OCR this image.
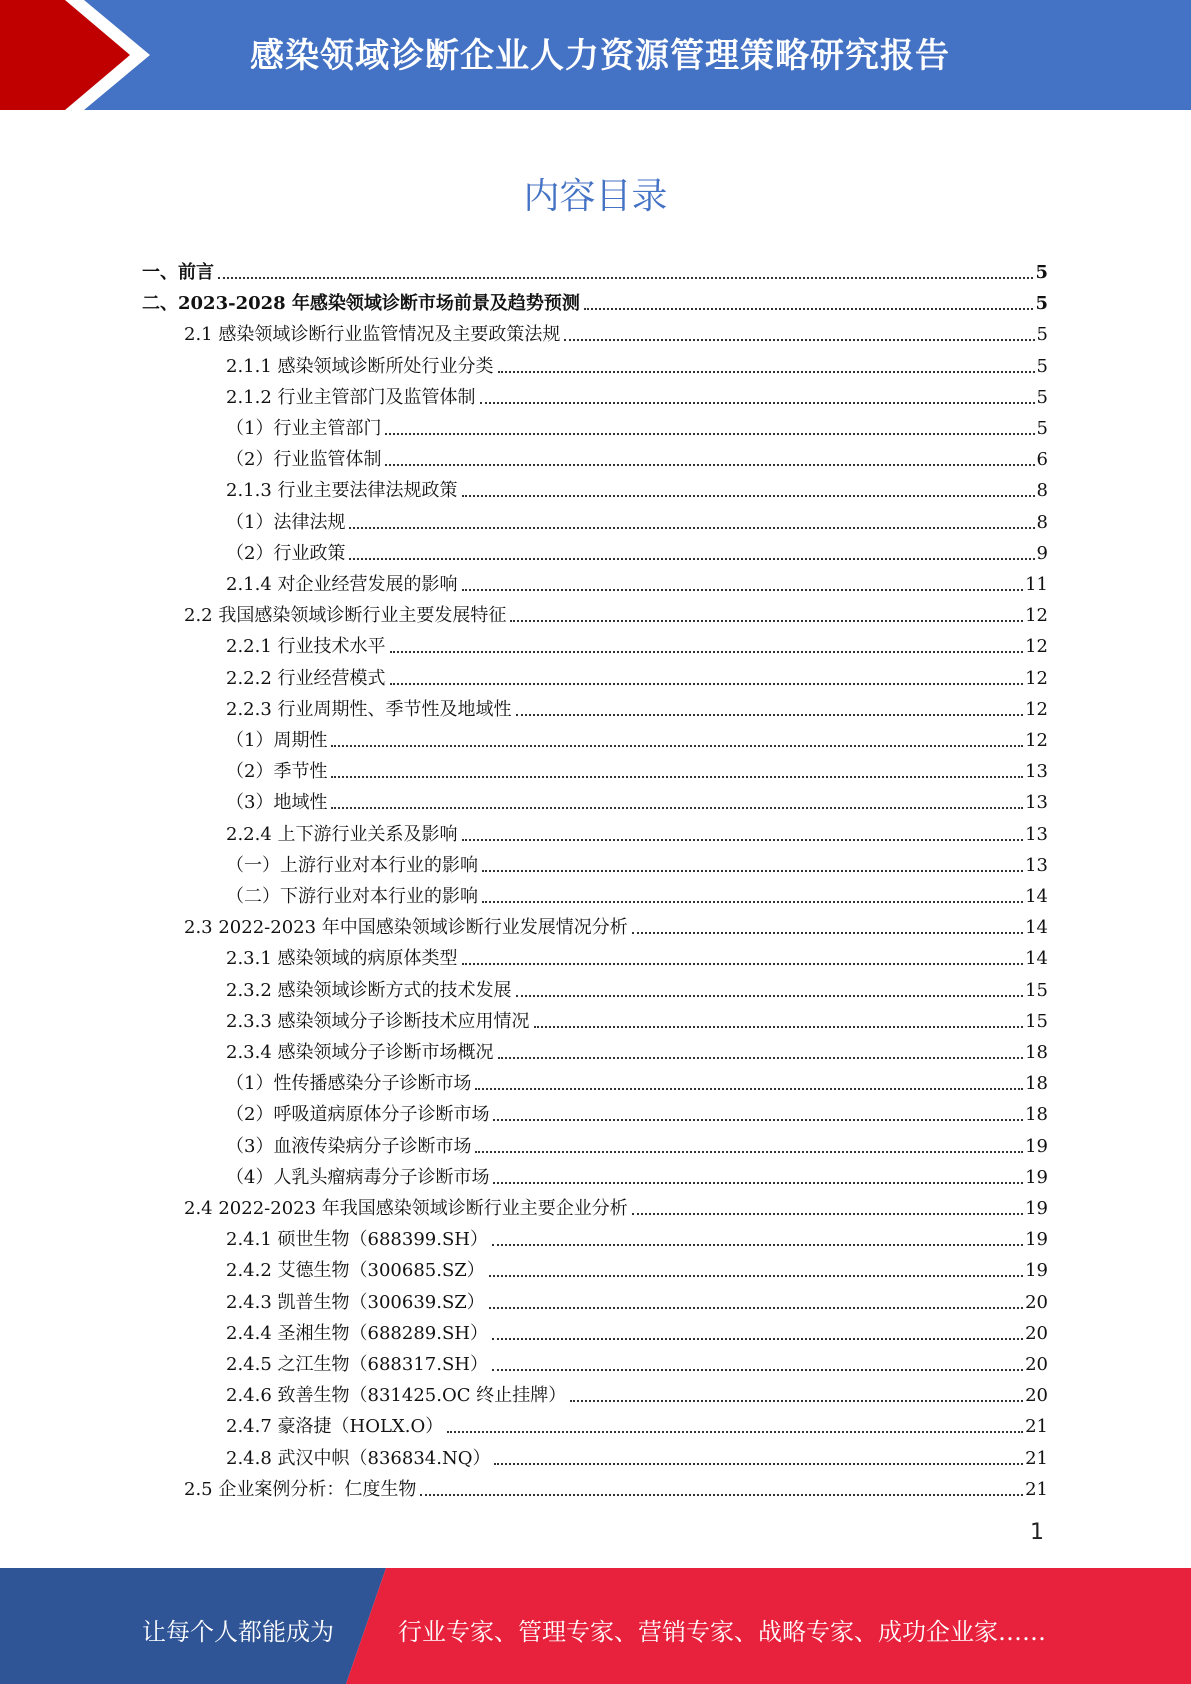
感染领域诊断企业人力资源管理策略研究报告
内容目录
一、前言	5
二、2023-2028 年感染领域诊断市场前景及趋势预测	5
2.1 感染领域诊断行业监管情况及主要政策法规	5
2.1.1 感染领域诊断所处行业分类	5
2.1.2 行业主管部门及监管体制	5
（1）行业主管部门	5
（2）行业监管体制	6
2.1.3 行业主要法律法规政策	8
（1）法律法规	8
（2）行业政策	9
2.1.4 对企业经营发展的影响	11
2.2 我国感染领域诊断行业主要发展特征	12
2.2.1 行业技术水平	12
2.2.2 行业经营模式	12
2.2.3 行业周期性、季节性及地域性	12
（1）周期性	12
（2）季节性	13
（3）地域性	13
2.2.4 上下游行业关系及影响	13
（一）上游行业对本行业的影响	13
（二）下游行业对本行业的影响	14
2.3 2022-2023 年中国感染领域诊断行业发展情况分析	14
2.3.1 感染领域的病原体类型	14
2.3.2 感染领域诊断方式的技术发展	15
2.3.3 感染领域分子诊断技术应用情况	15
2.3.4 感染领域分子诊断市场概况	18
（1）性传播感染分子诊断市场	18
（2）呼吸道病原体分子诊断市场	18
（3）血液传染病分子诊断市场	19
（4）人乳头瘤病毒分子诊断市场	19
2.4 2022-2023 年我国感染领域诊断行业主要企业分析	19
2.4.1 硕世生物（688399.SH）	19
2.4.2 艾德生物（300685.SZ）	19
2.4.3 凯普生物（300639.SZ）	20
2.4.4 圣湘生物（688289.SH）	20
2.4.5 之江生物（688317.SH）	20
2.4.6 致善生物（831425.OC 终止挂牌）	20
2.4.7 豪洛捷（HOLX.O）	21
2.4.8 武汉中帜（836834.NQ）	21
2.5 企业案例分析：仁度生物	21
1
让每个人都能成为	行业专家、管理专家、营销专家、战略专家、成功企业家……
